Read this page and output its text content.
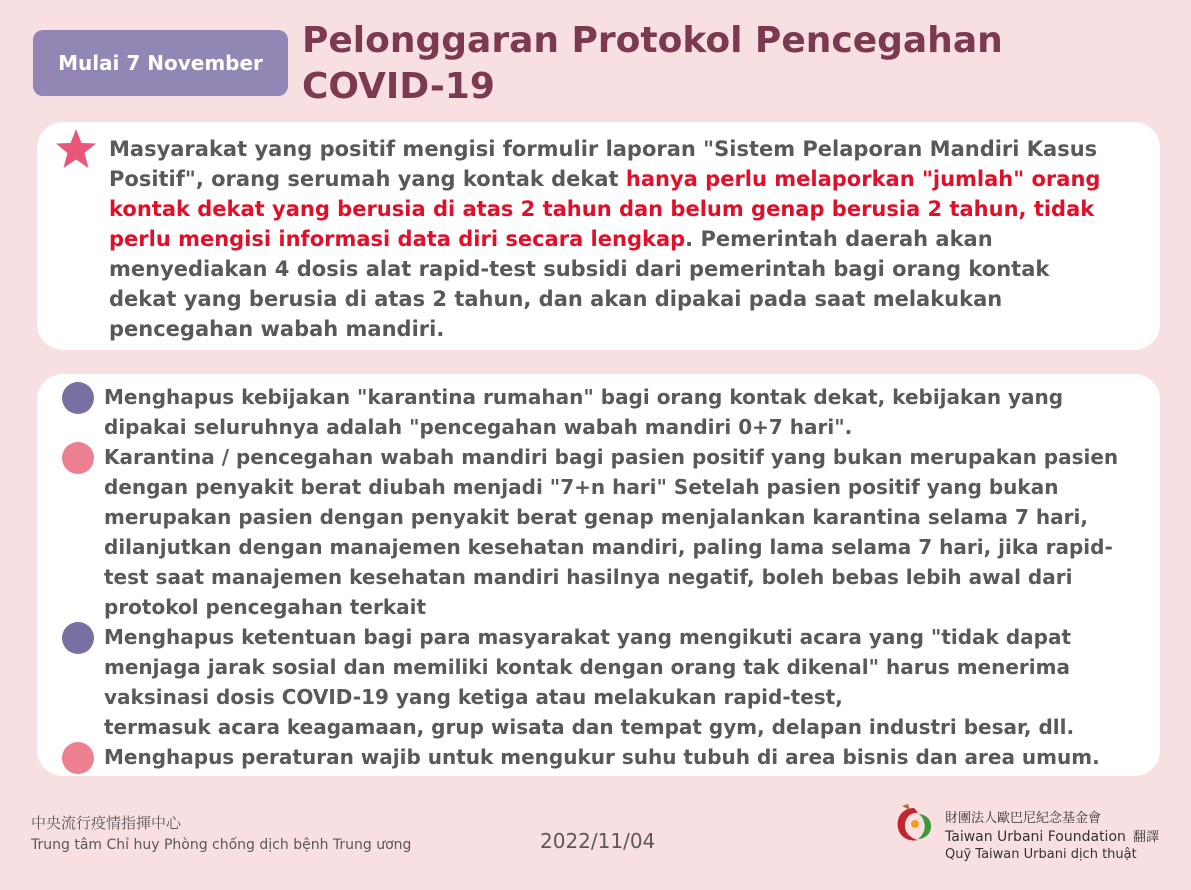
Mulai 7 November
Pelonggaran Protokol Pencegahan
COVID-19

Masyarakat yang positif mengisi formulir laporan "Sistem Pelaporan Mandiri Kasus Positif", orang serumah yang kontak dekat hanya perlu melaporkan "jumlah" orang kontak dekat yang berusia di atas 2 tahun dan belum genap berusia 2 tahun, tidak perlu mengisi informasi data diri secara lengkap. Pemerintah daerah akan menyediakan 4 dosis alat rapid-test subsidi dari pemerintah bagi orang kontak dekat yang berusia di atas 2 tahun, dan akan dipakai pada saat melakukan pencegahan wabah mandiri.

Menghapus kebijakan "karantina rumahan" bagi orang kontak dekat, kebijakan yang dipakai seluruhnya adalah "pencegahan wabah mandiri 0+7 hari".
Karantina / pencegahan wabah mandiri bagi pasien positif yang bukan merupakan pasien dengan penyakit berat diubah menjadi "7+n hari" Setelah pasien positif yang bukan merupakan pasien dengan penyakit berat genap menjalankan karantina selama 7 hari, dilanjutkan dengan manajemen kesehatan mandiri, paling lama selama 7 hari, jika rapid-test saat manajemen kesehatan mandiri hasilnya negatif, boleh bebas lebih awal dari protokol pencegahan terkait
Menghapus ketentuan bagi para masyarakat yang mengikuti acara yang "tidak dapat menjaga jarak sosial dan memiliki kontak dengan orang tak dikenal" harus menerima vaksinasi dosis COVID-19 yang ketiga atau melakukan rapid-test,
termasuk acara keagamaan, grup wisata dan tempat gym, delapan industri besar, dll.
Menghapus peraturan wajib untuk mengukur suhu tubuh di area bisnis dan area umum.
中央流行疫情指揮中心
Trung tâm Chỉ huy Phòng chống dịch bệnh Trung ương	2022/11/04
財團法人歐巴尼紀念基金會
Taiwan Urbani Foundation
Quỹ Taiwan Urbani dịch thuật
翻譯
